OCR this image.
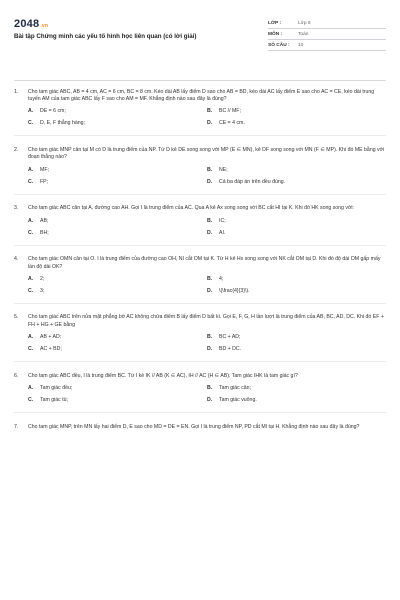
2048.vn
Bài tập Chứng minh các yếu tố hình học liên quan (có lời giải)
LỚP :	Lớp 8
MÔN :	Toán
SỐ CÂU :	10
1.	Cho tam giác ABC, AB = 4 cm, AC = 6 cm, BC = 8 cm. Kéo dài AB lấy điểm D sao cho AB = BD, kéo dài AC lấy điểm E sao cho AC = CE, kéo dài trung tuyến AM của tam giác ABC lấy F sao cho AM = MF. Khẳng định nào sau đây là đúng?
A.	DE = 6 cm;	B.	BC // MF;
C.	D, E, F thẳng hàng;	D.	CE = 4 cm.
2.	Cho tam giác MNP cân tại M có D là trung điểm của NP. Từ D kẻ DE song song với MP (E ∈ MN), kẻ DF song song với MN (F ∈ MP). Khi đó ME bằng với đoạn thẳng nào?
A.	MF;	B.	NE;
C.	FP;	D.	Cả ba đáp án trên đều đúng.
3.	Cho tam giác ABC cân tại A, đường cao AH. Gọi I là trung điểm của AC. Qua A kẻ Ax song song với BC cắt HI tại K. Khi đó HK song song với:
A.	AB;	B.	IC;
C.	BH;	D.	AI.
4.	Cho tam giác OMN cân tại O. I là trung điểm của đường cao OH, NI cắt OM tại K. Từ H kẻ Hx song song với NK cắt OM tại D. Khi đó độ dài OM gấp mấy lần độ dài OK?
A.	2;	B.	4;
C.	3;	D.	\(\frac{4}{3}\).
5.	Cho tam giác ABC trên nửa mặt phẳng bờ AC không chứa điểm B lấy điểm D bất kì. Gọi E, F, G, H lần lượt là trung điểm của AB, BC, AD, DC. Khi đó EF + FH + HG + GE bằng
A.	AB + AD;	B.	BC + AD;
C.	AC + BD;	D.	BD + DC.
6.	Cho tam giác ABC đều, I là trung điểm BC. Từ I kẻ IK // AB (K ∈ AC), IH // AC (H ∈ AB). Tam giác IHK là tam giác gì?
A.	Tam giác đều;	B.	Tam giác cân;
C.	Tam giác tù;	D.	Tam giác vuông.
7.	Cho tam giác MNP, trên MN lấy hai điểm D, E sao cho MD = DE = EN. Gọi I là trung điểm NP, PD cắt MI tại H. Khẳng định nào sau đây là đúng?
